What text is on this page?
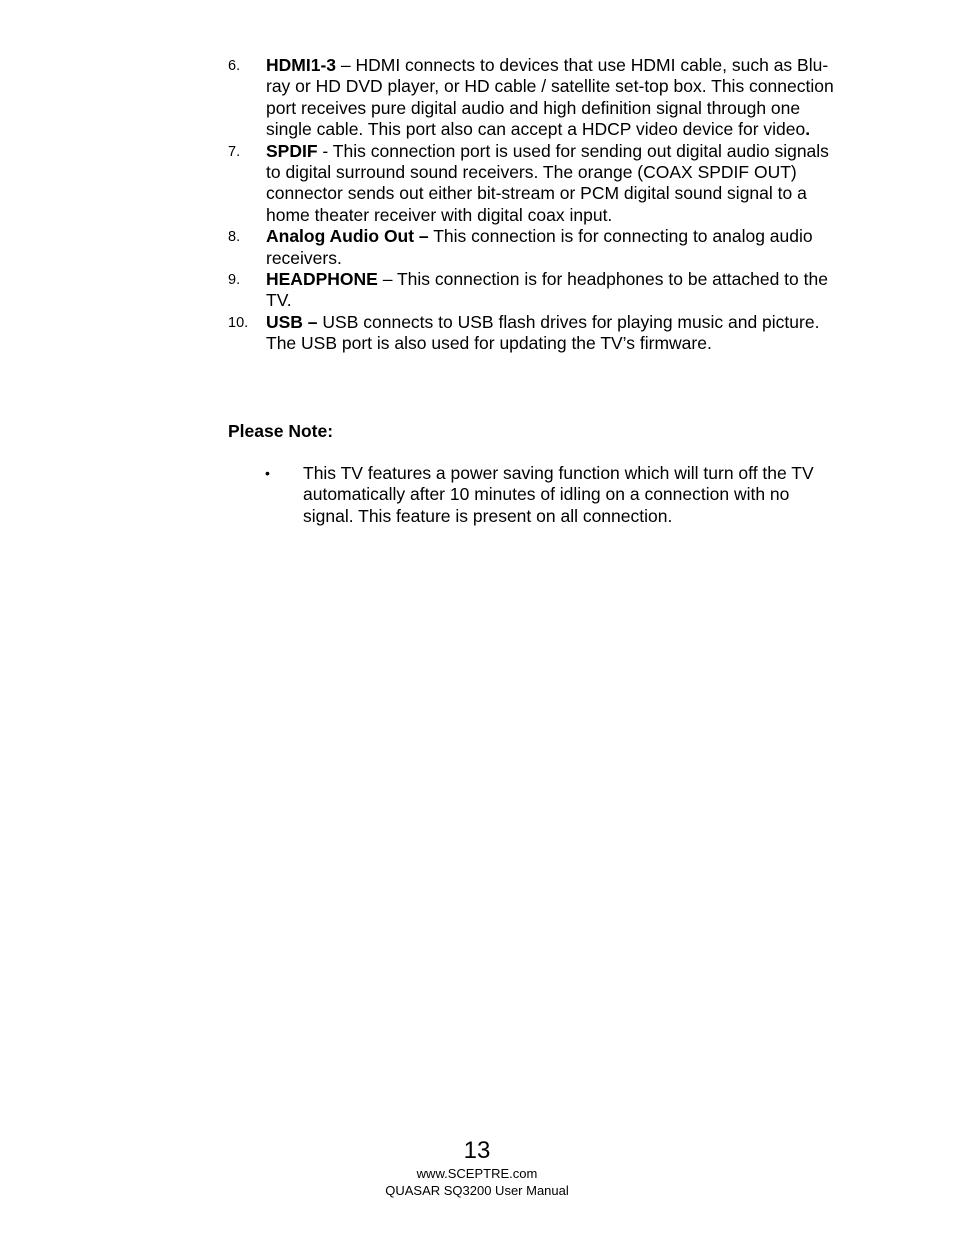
6. HDMI1-3 – HDMI connects to devices that use HDMI cable, such as Blu-ray or HD DVD player, or HD cable / satellite set-top box. This connection port receives pure digital audio and high definition signal through one single cable. This port also can accept a HDCP video device for video.
7. SPDIF - This connection port is used for sending out digital audio signals to digital surround sound receivers. The orange (COAX SPDIF OUT) connector sends out either bit-stream or PCM digital sound signal to a home theater receiver with digital coax input.
8. Analog Audio Out – This connection is for connecting to analog audio receivers.
9. HEADPHONE – This connection is for headphones to be attached to the TV.
10. USB – USB connects to USB flash drives for playing music and picture. The USB port is also used for updating the TV’s firmware.
Please Note:
• This TV features a power saving function which will turn off the TV automatically after 10 minutes of idling on a connection with no signal. This feature is present on all connection.
13
www.SCEPTRE.com
QUASAR SQ3200 User Manual
